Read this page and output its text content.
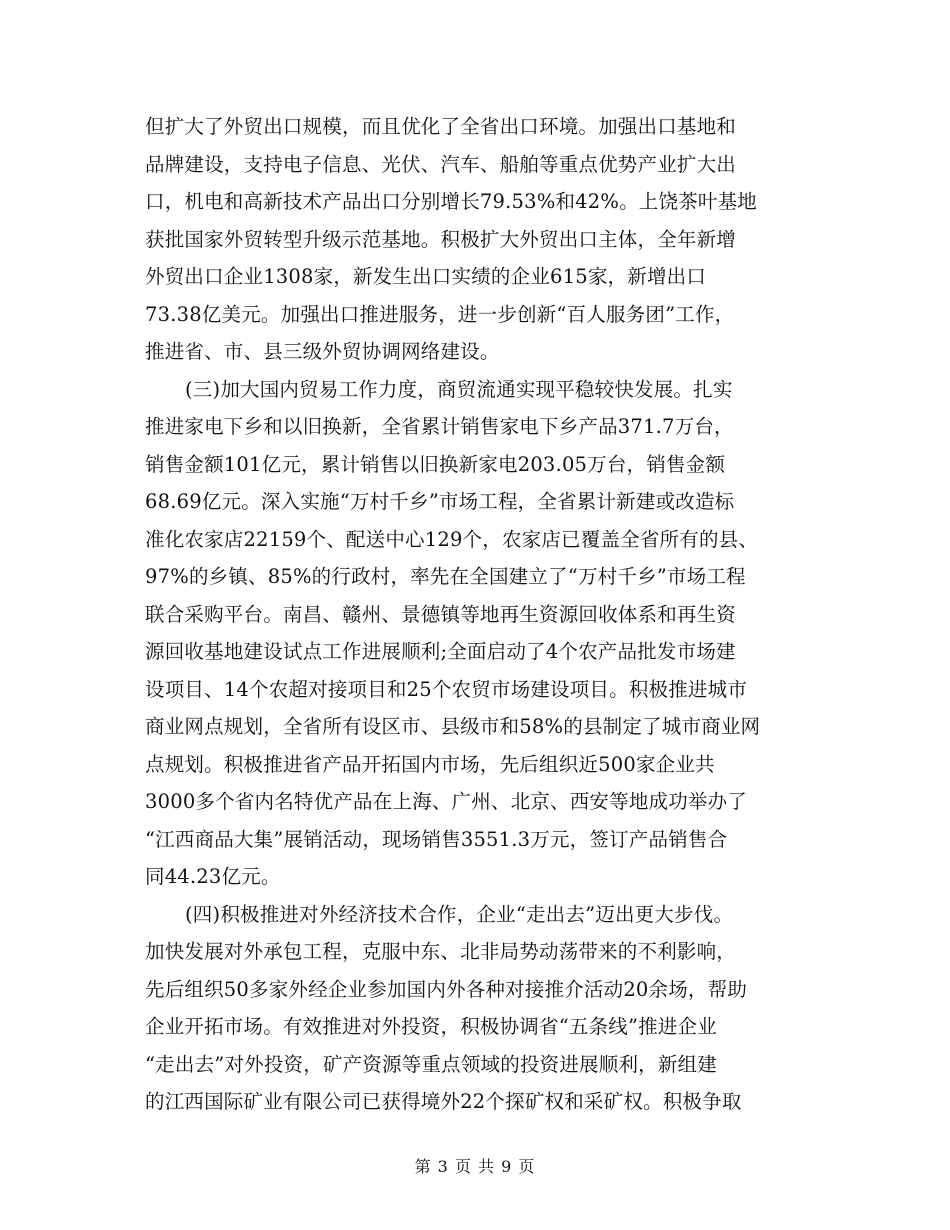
但扩大了外贸出口规模，而且优化了全省出口环境。加强出口基地和
品牌建设，支持电子信息、光伏、汽车、船舶等重点优势产业扩大出
口，机电和高新技术产品出口分别增长79.53%和42%。上饶茶叶基地
获批国家外贸转型升级示范基地。积极扩大外贸出口主体，全年新增
外贸出口企业1308家，新发生出口实绩的企业615家，新增出口
73.38亿美元。加强出口推进服务，进一步创新“百人服务团”工作，
推进省、市、县三级外贸协调网络建设。

(三)加大国内贸易工作力度，商贸流通实现平稳较快发展。扎实
推进家电下乡和以旧换新，全省累计销售家电下乡产品371.7万台，
销售金额101亿元，累计销售以旧换新家电203.05万台，销售金额
68.69亿元。深入实施“万村千乡”市场工程，全省累计新建或改造标
准化农家店22159个、配送中心129个，农家店已覆盖全省所有的县、
97%的乡镇、85%的行政村，率先在全国建立了“万村千乡”市场工程
联合采购平台。南昌、赣州、景德镇等地再生资源回收体系和再生资
源回收基地建设试点工作进展顺利;全面启动了4个农产品批发市场建
设项目、14个农超对接项目和25个农贸市场建设项目。积极推进城市
商业网点规划，全省所有设区市、县级市和58%的县制定了城市商业网
点规划。积极推进省产品开拓国内市场，先后组织近500家企业共
3000多个省内名特优产品在上海、广州、北京、西安等地成功举办了
“江西商品大集”展销活动，现场销售3551.3万元，签订产品销售合
同44.23亿元。

(四)积极推进对外经济技术合作，企业“走出去”迈出更大步伐。
加快发展对外承包工程，克服中东、北非局势动荡带来的不利影响，
先后组织50多家外经企业参加国内外各种对接推介活动20余场，帮助
企业开拓市场。有效推进对外投资，积极协调省“五条线”推进企业
“走出去”对外投资，矿产资源等重点领域的投资进展顺利，新组建
的江西国际矿业有限公司已获得境外22个探矿权和采矿权。积极争取

第 3 页 共 9 页
